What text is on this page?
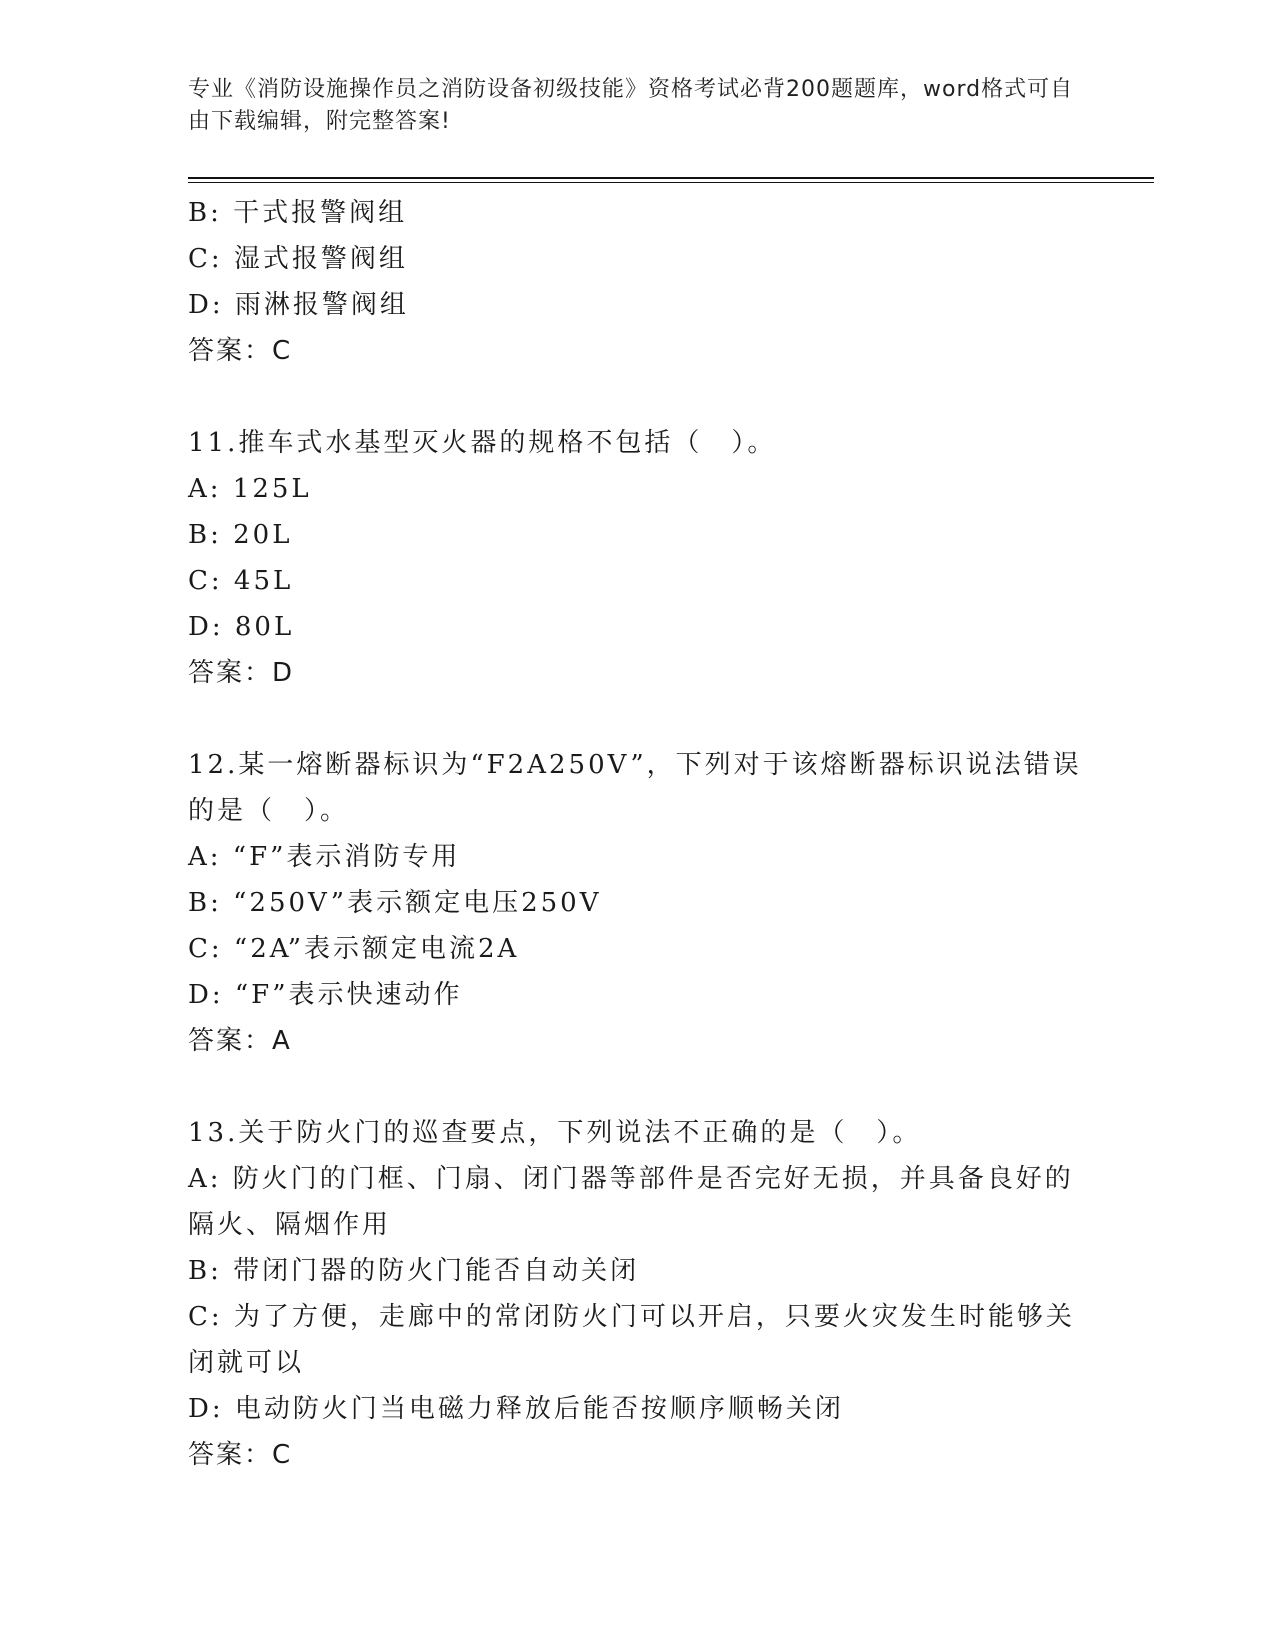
专业《消防设施操作员之消防设备初级技能》资格考试必背200题题库，word格式可自由下载编辑，附完整答案!
B: 干式报警阀组
C: 湿式报警阀组
D: 雨淋报警阀组
答案：C
11.推车式水基型灭火器的规格不包括（　）。
A: 125L
B: 20L
C: 45L
D: 80L
答案：D
12.某一熔断器标识为“F2A250V”，下列对于该熔断器标识说法错误的是（　）。
A: “F”表示消防专用
B: “250V”表示额定电压250V
C: “2A”表示额定电流2A
D: “F”表示快速动作
答案：A
13.关于防火门的巡查要点，下列说法不正确的是（　）。
A: 防火门的门框、门扇、闭门器等部件是否完好无损，并具备良好的隔火、隔烟作用
B: 带闭门器的防火门能否自动关闭
C: 为了方便，走廊中的常闭防火门可以开启，只要火灾发生时能够关闭就可以
D: 电动防火门当电磁力释放后能否按顺序顺畅关闭
答案：C
